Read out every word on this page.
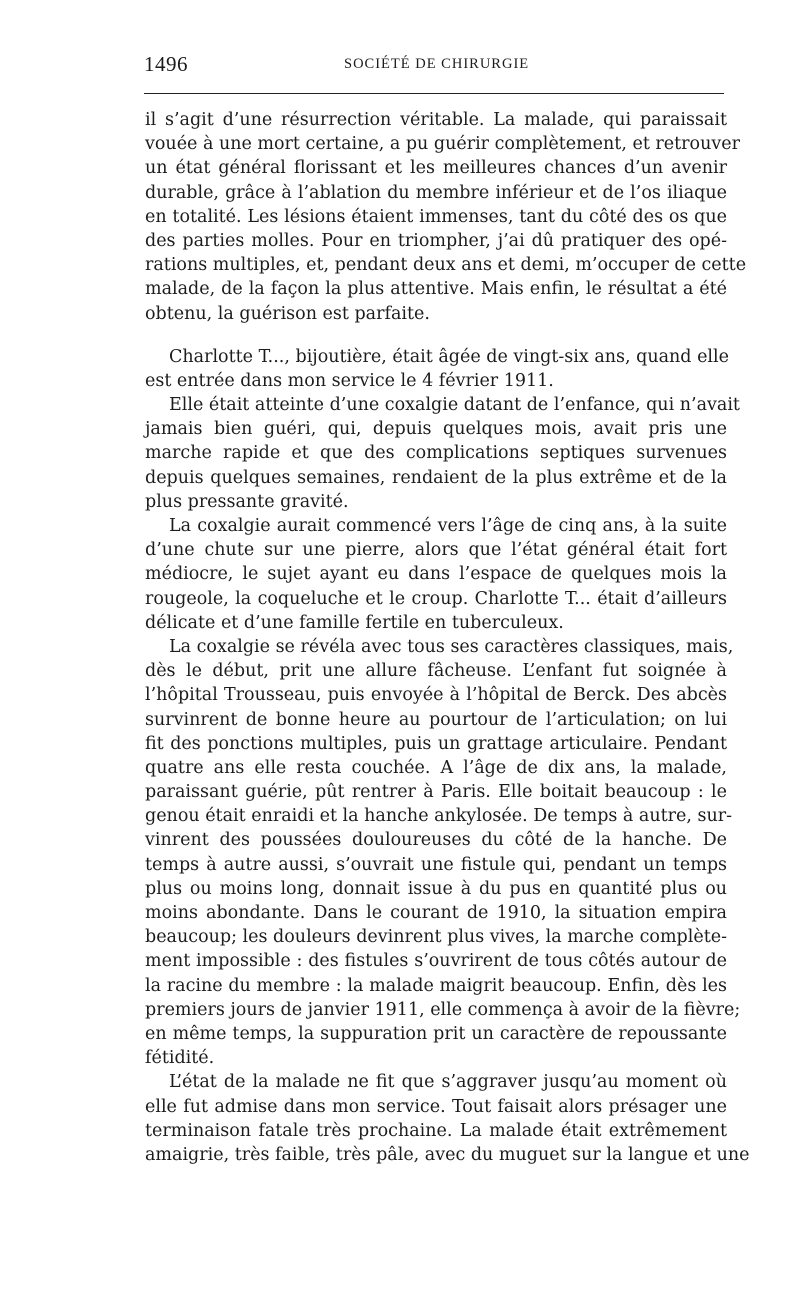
1496	SOCIÉTÉ DE CHIRURGIE
il s’agit d’une résurrection véritable. La malade, qui paraissait
vouée à une mort certaine, a pu guérir complètement, et retrouver
un état général florissant et les meilleures chances d’un avenir
durable, grâce à l’ablation du membre inférieur et de l’os iliaque
en totalité. Les lésions étaient immenses, tant du côté des os que
des parties molles. Pour en triompher, j’ai dû pratiquer des opé-
rations multiples, et, pendant deux ans et demi, m’occuper de cette
malade, de la façon la plus attentive. Mais enfin, le résultat a été
obtenu, la guérison est parfaite.
Charlotte T..., bijoutière, était âgée de vingt-six ans, quand elle
est entrée dans mon service le 4 février 1911.
Elle était atteinte d’une coxalgie datant de l’enfance, qui n’avait
jamais bien guéri, qui, depuis quelques mois, avait pris une
marche rapide et que des complications septiques survenues
depuis quelques semaines, rendaient de la plus extrême et de la
plus pressante gravité.
La coxalgie aurait commencé vers l’âge de cinq ans, à la suite
d’une chute sur une pierre, alors que l’état général était fort
médiocre, le sujet ayant eu dans l’espace de quelques mois la
rougeole, la coqueluche et le croup. Charlotte T... était d’ailleurs
délicate et d’une famille fertile en tuberculeux.
La coxalgie se révéla avec tous ses caractères classiques, mais,
dès le début, prit une allure fâcheuse. L’enfant fut soignée à
l’hôpital Trousseau, puis envoyée à l’hôpital de Berck. Des abcès
survinrent de bonne heure au pourtour de l’articulation; on lui
fit des ponctions multiples, puis un grattage articulaire. Pendant
quatre ans elle resta couchée. A l’âge de dix ans, la malade,
paraissant guérie, pût rentrer à Paris. Elle boitait beaucoup : le
genou était enraidi et la hanche ankylosée. De temps à autre, sur-
vinrent des poussées douloureuses du côté de la hanche. De
temps à autre aussi, s’ouvrait une fistule qui, pendant un temps
plus ou moins long, donnait issue à du pus en quantité plus ou
moins abondante. Dans le courant de 1910, la situation empira
beaucoup; les douleurs devinrent plus vives, la marche complète-
ment impossible : des fistules s’ouvrirent de tous côtés autour de
la racine du membre : la malade maigrit beaucoup. Enfin, dès les
premiers jours de janvier 1911, elle commença à avoir de la fièvre;
en même temps, la suppuration prit un caractère de repoussante
fétidité.
L’état de la malade ne fit que s’aggraver jusqu’au moment où
elle fut admise dans mon service. Tout faisait alors présager une
terminaison fatale très prochaine. La malade était extrêmement
amaigrie, très faible, très pâle, avec du muguet sur la langue et une
